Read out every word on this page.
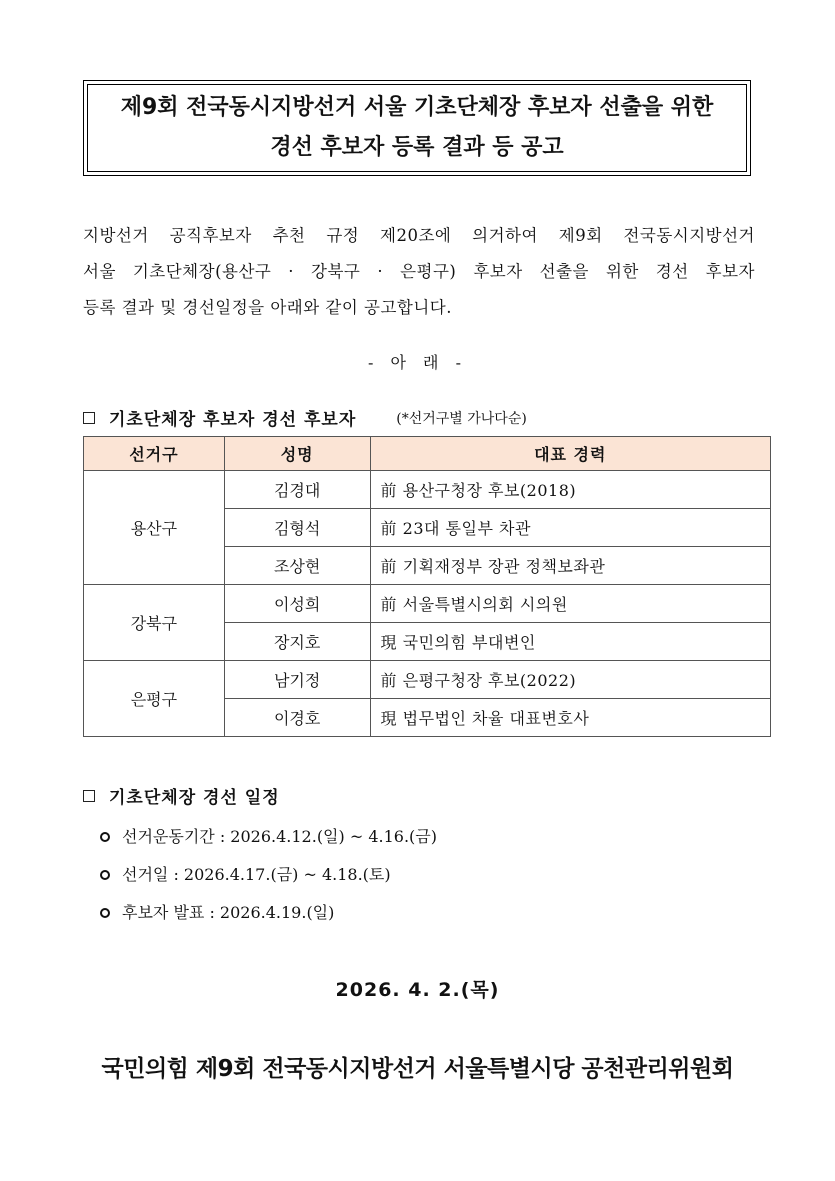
제9회 전국동시지방선거 서울 기초단체장 후보자 선출을 위한
경선 후보자 등록 결과 등 공고

지방선거 공직후보자 추천 규정 제20조에 의거하여 제9회 전국동시지방선거

서울 기초단체장(용산구 · 강북구 · 은평구) 후보자 선출을 위한 경선 후보자

등록 결과 및 경선일정을 아래와 같이 공고합니다.

- 아 래 -
기초단체장 후보자 경선 후보자	(*선거구별 가나다순)
선거구	성명	대표 경력
용산구	김경대	前 용산구청장 후보(2018)
	김형석	前 23대 통일부 차관
	조상현	前 기획재정부 장관 정책보좌관
강북구	이성희	前 서울특별시의회 시의원
	장지호	現 국민의힘 부대변인
은평구	남기정	前 은평구청장 후보(2022)
	이경호	現 법무법인 차율 대표변호사
기초단체장 경선 일정
선거운동기간 : 2026.4.12.(일) ~ 4.16.(금)
선거일 : 2026.4.17.(금) ~ 4.18.(토)
후보자 발표 : 2026.4.19.(일)
2026. 4. 2.(목)
국민의힘 제9회 전국동시지방선거 서울특별시당 공천관리위원회
